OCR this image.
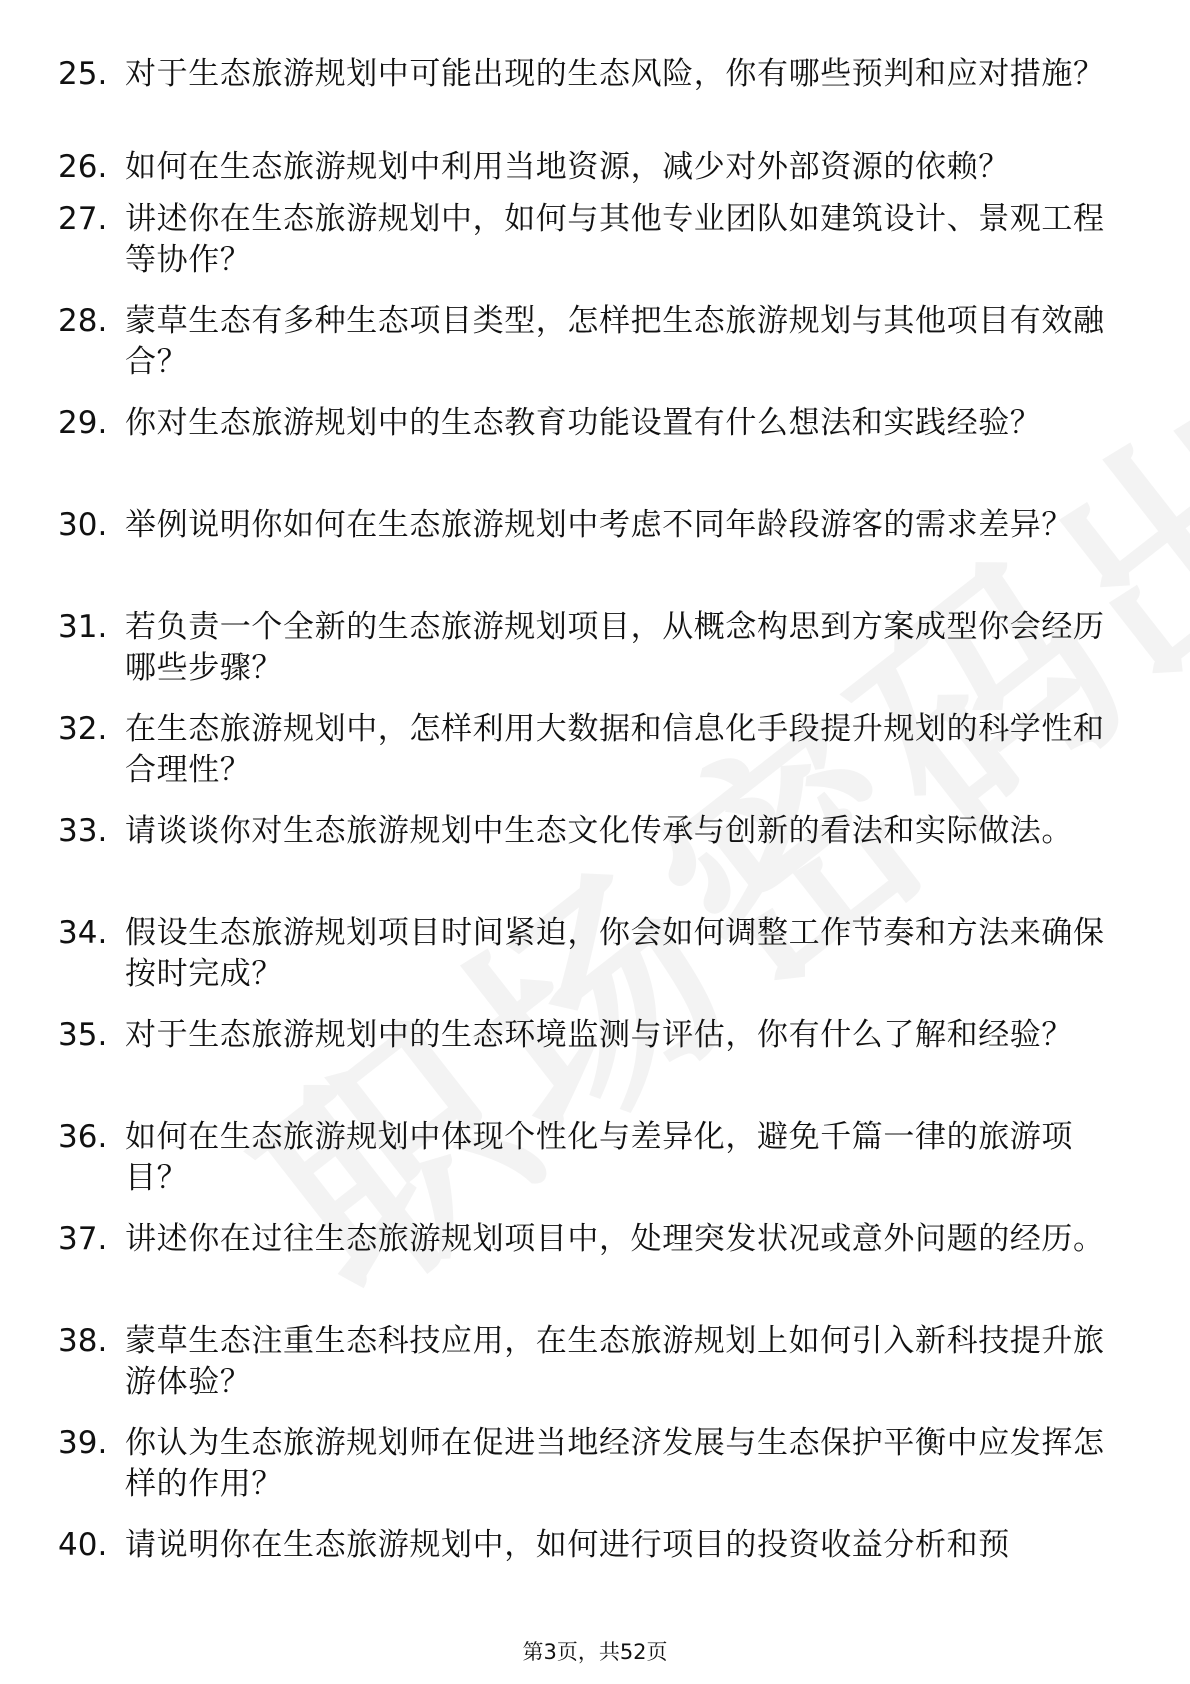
25. 对于生态旅游规划中可能出现的生态风险，你有哪些预判和应对措施？
26. 如何在生态旅游规划中利用当地资源，减少对外部资源的依赖？
27. 讲述你在生态旅游规划中，如何与其他专业团队如建筑设计、景观工程等协作？
28. 蒙草生态有多种生态项目类型，怎样把生态旅游规划与其他项目有效融合？
29. 你对生态旅游规划中的生态教育功能设置有什么想法和实践经验？
30. 举例说明你如何在生态旅游规划中考虑不同年龄段游客的需求差异？
31. 若负责一个全新的生态旅游规划项目，从概念构思到方案成型你会经历哪些步骤？
32. 在生态旅游规划中，怎样利用大数据和信息化手段提升规划的科学性和合理性？
33. 请谈谈你对生态旅游规划中生态文化传承与创新的看法和实际做法。
34. 假设生态旅游规划项目时间紧迫，你会如何调整工作节奏和方法来确保按时完成？
35. 对于生态旅游规划中的生态环境监测与评估，你有什么了解和经验？
36. 如何在生态旅游规划中体现个性化与差异化，避免千篇一律的旅游项目？
37. 讲述你在过往生态旅游规划项目中，处理突发状况或意外问题的经历。
38. 蒙草生态注重生态科技应用，在生态旅游规划上如何引入新科技提升旅游体验？
39. 你认为生态旅游规划师在促进当地经济发展与生态保护平衡中应发挥怎样的作用？
40. 请说明你在生态旅游规划中，如何进行项目的投资收益分析和预
第3页，共52页
